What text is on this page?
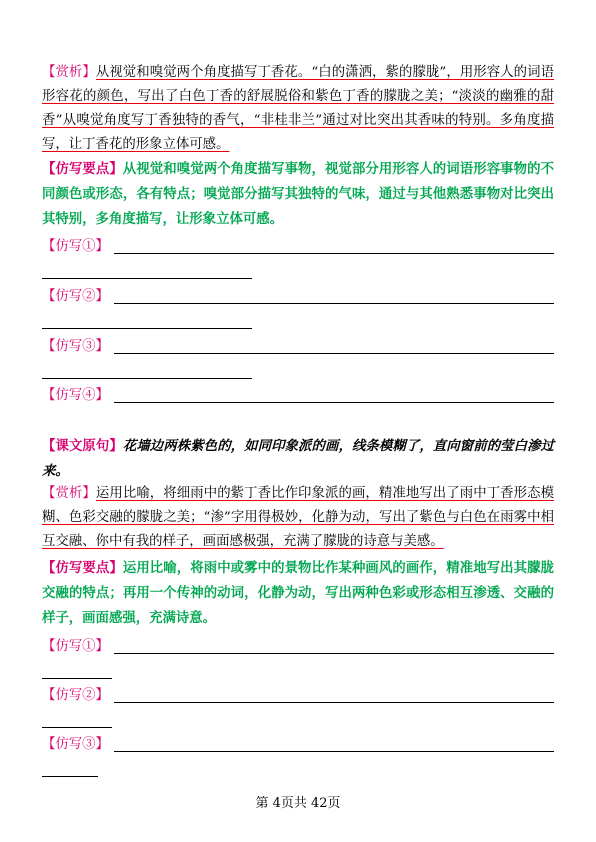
【赏析】从视觉和嗅觉两个角度描写丁香花。“白的潇洒，紫的朦胧”，用形容人的词语形容花的颜色，写出了白色丁香的舒展脱俗和紫色丁香的朦胧之美；“淡淡的幽雅的甜香”从嗅觉角度写丁香独特的香气，“非桂非兰”通过对比突出其香味的特别。多角度描写，让丁香花的形象立体可感。
【仿写要点】从视觉和嗅觉两个角度描写事物，视觉部分用形容人的词语形容事物的不同颜色或形态，各有特点；嗅觉部分描写其独特的气味，通过与其他熟悉事物对比突出其特别，多角度描写，让形象立体可感。
【仿写①】
【仿写②】
【仿写③】
【仿写④】
【课文原句】花墙边两株紫色的，如同印象派的画，线条模糊了，直向窗前的莹白渗过来。
【赏析】运用比喻，将细雨中的紫丁香比作印象派的画，精准地写出了雨中丁香形态模糊、色彩交融的朦胧之美；“渗”字用得极妙，化静为动，写出了紫色与白色在雨雾中相互交融、你中有我的样子，画面感极强，充满了朦胧的诗意与美感。
【仿写要点】运用比喻，将雨中或雾中的景物比作某种画风的画作，精准地写出其朦胧交融的特点；再用一个传神的动词，化静为动，写出两种色彩或形态相互渗透、交融的样子，画面感强，充满诗意。
【仿写①】
【仿写②】
【仿写③】
第 4页共 42页
